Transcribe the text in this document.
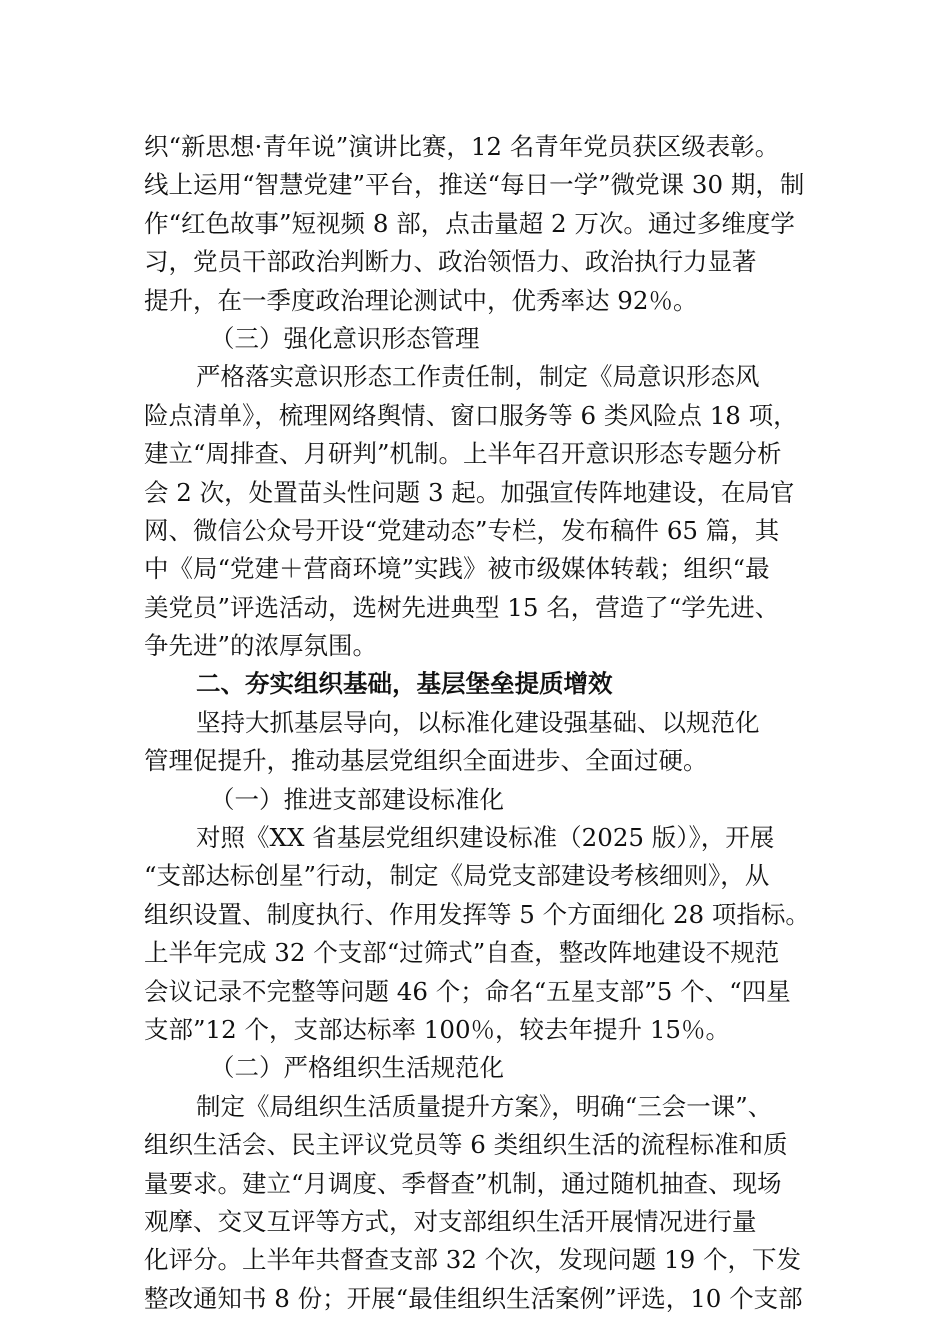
织“新思想·青年说”演讲比赛，12 名青年党员获区级表彰。
线上运用“智慧党建”平台，推送“每日一学”微党课 30 期，制
作“红色故事”短视频 8 部，点击量超 2 万次。通过多维度学
习，党员干部政治判断力、政治领悟力、政治执行力显著
提升，在一季度政治理论测试中，优秀率达 92％。
（三）强化意识形态管理
严格落实意识形态工作责任制，制定《局意识形态风
险点清单》，梳理网络舆情、窗口服务等 6 类风险点 18 项，
建立“周排查、月研判”机制。上半年召开意识形态专题分析
会 2 次，处置苗头性问题 3 起。加强宣传阵地建设，在局官
网、微信公众号开设“党建动态”专栏，发布稿件 65 篇，其
中《局“党建＋营商环境”实践》被市级媒体转载；组织“最
美党员”评选活动，选树先进典型 15 名，营造了“学先进、
争先进”的浓厚氛围。
二、夯实组织基础，基层堡垒提质增效
坚持大抓基层导向，以标准化建设强基础、以规范化
管理促提升，推动基层党组织全面进步、全面过硬。
（一）推进支部建设标准化
对照《XX 省基层党组织建设标准（2025 版）》，开展
“支部达标创星”行动，制定《局党支部建设考核细则》，从
组织设置、制度执行、作用发挥等 5 个方面细化 28 项指标。
上半年完成 32 个支部“过筛式”自查，整改阵地建设不规范
会议记录不完整等问题 46 个；命名“五星支部”5 个、“四星
支部”12 个，支部达标率 100％，较去年提升 15％。
（二）严格组织生活规范化
制定《局组织生活质量提升方案》，明确“三会一课”、
组织生活会、民主评议党员等 6 类组织生活的流程标准和质
量要求。建立“月调度、季督查”机制，通过随机抽查、现场
观摩、交叉互评等方式，对支部组织生活开展情况进行量
化评分。上半年共督查支部 32 个次，发现问题 19 个，下发
整改通知书 8 份；开展“最佳组织生活案例”评选，10 个支部
